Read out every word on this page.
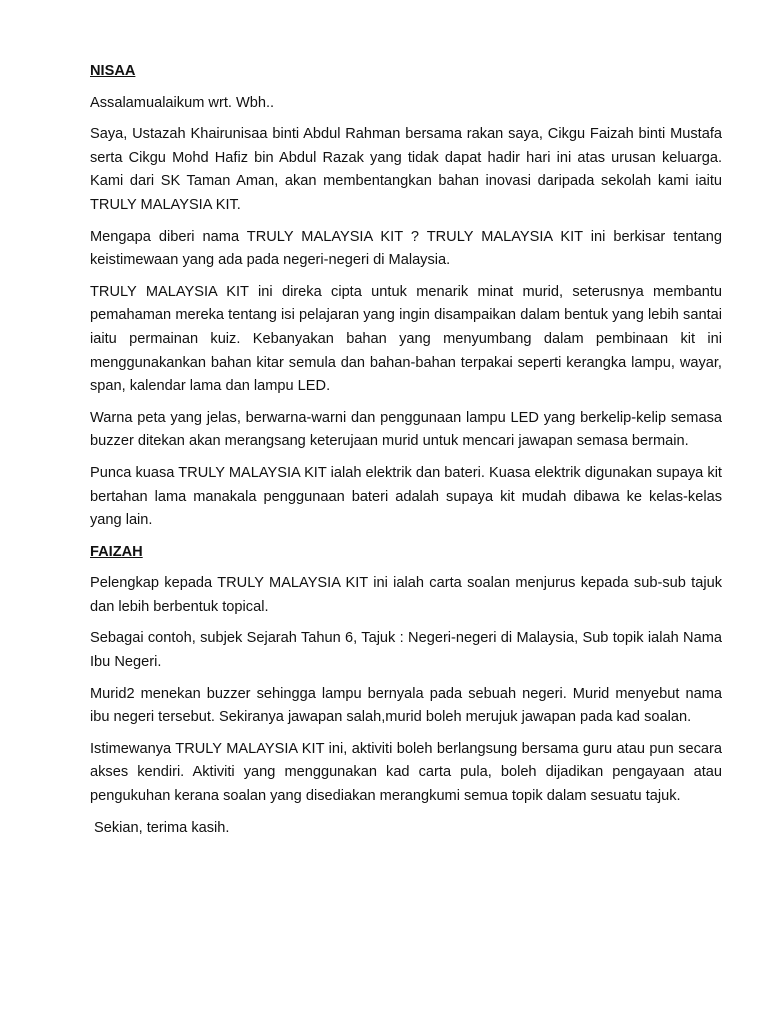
NISAA

Assalamualaikum wrt. Wbh..

Saya, Ustazah Khairunisaa binti Abdul Rahman bersama rakan saya, Cikgu Faizah binti Mustafa serta Cikgu Mohd Hafiz bin Abdul Razak yang tidak dapat hadir hari ini atas urusan keluarga. Kami dari SK Taman Aman, akan membentangkan bahan inovasi daripada sekolah kami iaitu TRULY MALAYSIA KIT.

Mengapa diberi nama TRULY MALAYSIA KIT ? TRULY MALAYSIA KIT ini berkisar tentang keistimewaan yang ada pada negeri-negeri di Malaysia.

TRULY MALAYSIA KIT ini direka cipta untuk menarik minat murid, seterusnya membantu pemahaman mereka tentang isi pelajaran yang ingin disampaikan dalam bentuk yang lebih santai iaitu permainan kuiz. Kebanyakan bahan yang menyumbang dalam pembinaan kit ini menggunakankan bahan kitar semula dan bahan-bahan terpakai seperti kerangka lampu, wayar, span, kalendar lama dan lampu LED.

Warna peta yang jelas, berwarna-warni dan penggunaan lampu LED yang berkelip-kelip semasa buzzer ditekan akan merangsang keterujaan murid untuk mencari jawapan semasa bermain.

Punca kuasa TRULY MALAYSIA KIT ialah elektrik dan bateri. Kuasa elektrik digunakan supaya kit bertahan lama manakala penggunaan bateri adalah supaya kit mudah dibawa ke kelas-kelas yang lain.

FAIZAH

Pelengkap kepada TRULY MALAYSIA KIT ini ialah carta soalan menjurus kepada sub-sub tajuk dan lebih berbentuk topical.

Sebagai contoh, subjek Sejarah Tahun 6, Tajuk : Negeri-negeri di Malaysia, Sub topik ialah Nama Ibu Negeri.

Murid2 menekan buzzer sehingga lampu bernyala pada sebuah negeri. Murid menyebut nama ibu negeri tersebut. Sekiranya jawapan salah,murid boleh merujuk jawapan pada kad soalan.

Istimewanya TRULY MALAYSIA KIT ini, aktiviti boleh berlangsung bersama guru atau pun secara akses kendiri. Aktiviti yang menggunakan kad carta pula, boleh dijadikan pengayaan atau pengukuhan kerana soalan yang disediakan merangkumi semua topik dalam sesuatu tajuk.

Sekian, terima kasih.
